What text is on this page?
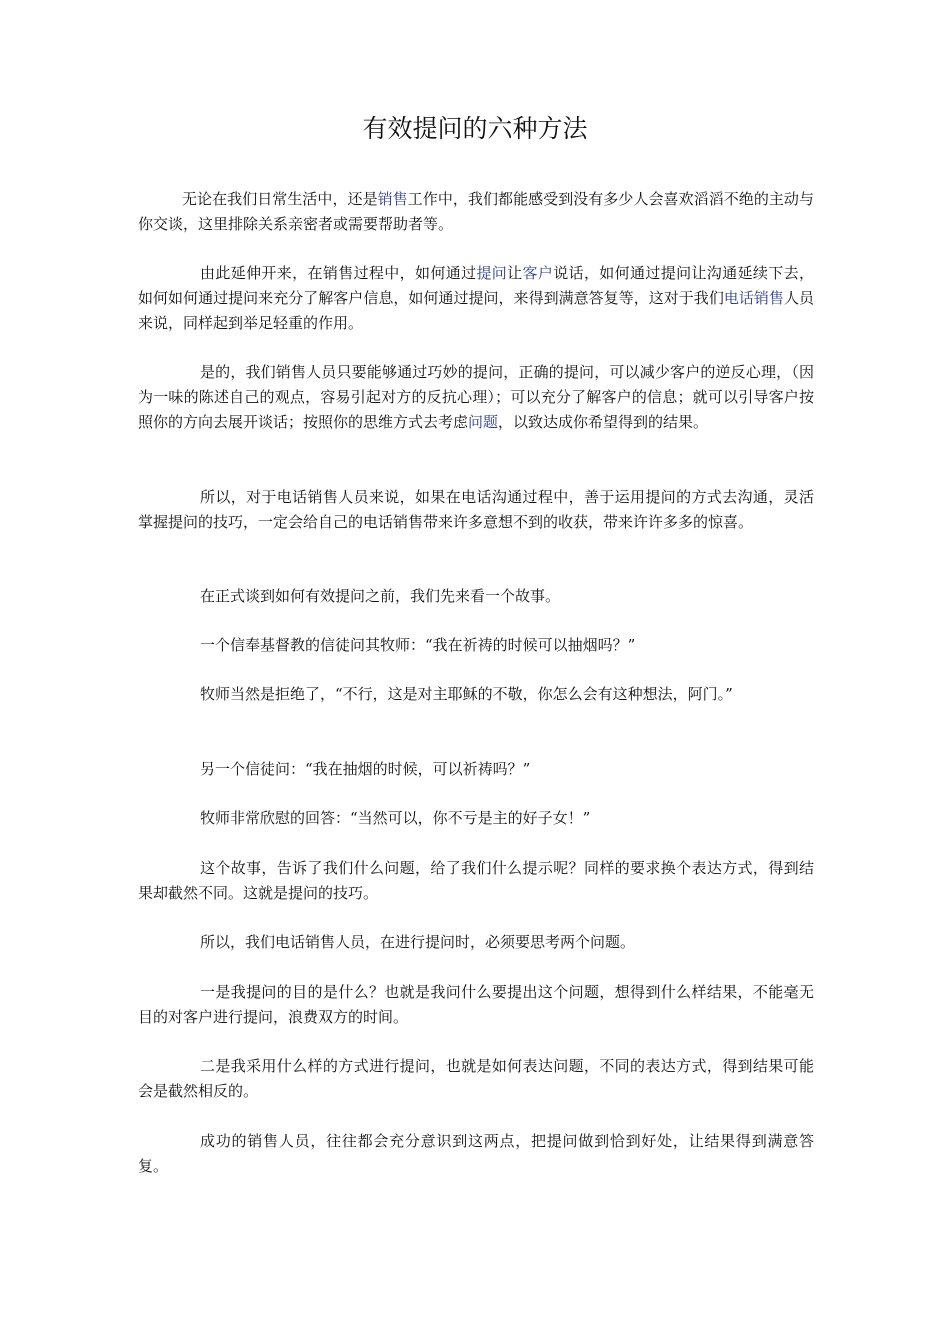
有效提问的六种方法
无论在我们日常生活中，还是销售工作中，我们都能感受到没有多少人会喜欢滔滔不绝的主动与你交谈，这里排除关系亲密者或需要帮助者等。
由此延伸开来，在销售过程中，如何通过提问让客户说话，如何通过提问让沟通延续下去，如何如何通过提问来充分了解客户信息，如何通过提问，来得到满意答复等，这对于我们电话销售人员来说，同样起到举足轻重的作用。
是的，我们销售人员只要能够通过巧妙的提问，正确的提问，可以减少客户的逆反心理，（因为一味的陈述自己的观点，容易引起对方的反抗心理）；可以充分了解客户的信息；就可以引导客户按照你的方向去展开谈话；按照你的思维方式去考虑问题，以致达成你希望得到的结果。
所以，对于电话销售人员来说，如果在电话沟通过程中，善于运用提问的方式去沟通，灵活掌握提问的技巧，一定会给自己的电话销售带来许多意想不到的收获，带来许许多多的惊喜。
在正式谈到如何有效提问之前，我们先来看一个故事。
一个信奉基督教的信徒问其牧师：“我在祈祷的时候可以抽烟吗？”
牧师当然是拒绝了，“不行，这是对主耶稣的不敬，你怎么会有这种想法，阿门。”
另一个信徒问：“我在抽烟的时候，可以祈祷吗？”
牧师非常欣慰的回答：“当然可以，你不亏是主的好子女！”
这个故事，告诉了我们什么问题，给了我们什么提示呢？同样的要求换个表达方式，得到结果却截然不同。这就是提问的技巧。
所以，我们电话销售人员，在进行提问时，必须要思考两个问题。
一是我提问的目的是什么？也就是我问什么要提出这个问题，想得到什么样结果，不能毫无目的对客户进行提问，浪费双方的时间。
二是我采用什么样的方式进行提问，也就是如何表达问题，不同的表达方式，得到结果可能会是截然相反的。
成功的销售人员，往往都会充分意识到这两点，把提问做到恰到好处，让结果得到满意答复。
